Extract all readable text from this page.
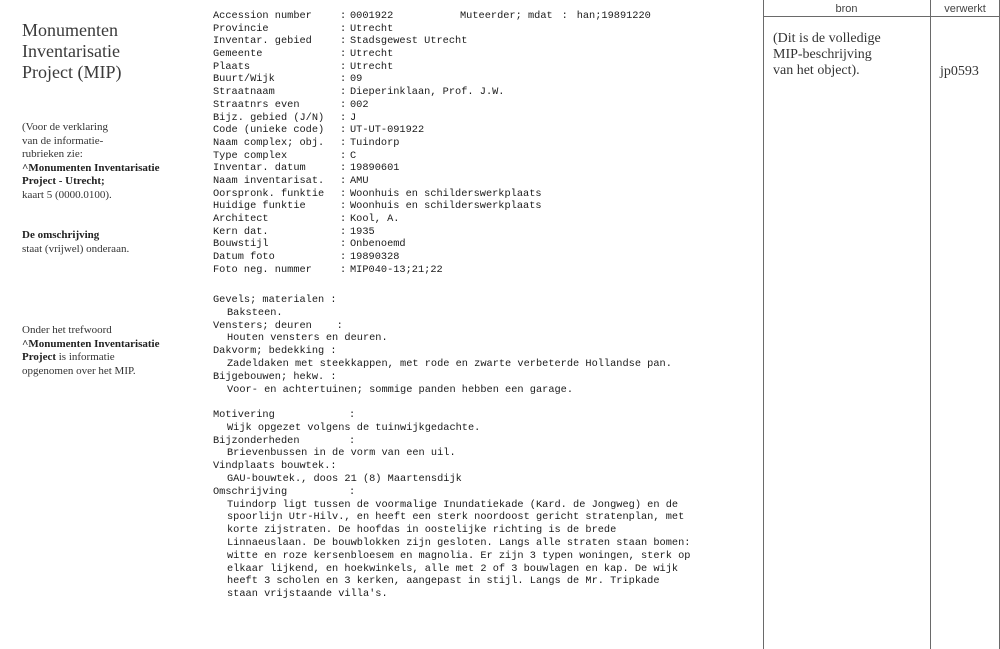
Monumenten
Inventarisatie
Project (MIP)
(Voor de verklaring
van de informatie-
rubrieken zie:
^Monumenten Inventarisatie
Project - Utrecht;
kaart 5 (0000.0100).
De omschrijving
staat (vrijwel) onderaan.
Onder het trefwoord
^Monumenten Inventarisatie
Project is informatie
opgenomen over het MIP.
Accession number	: 0001922
Provincie	: Utrecht
Inventar. gebied	: Stadsgewest Utrecht
Gemeente	: Utrecht
Plaats	: Utrecht
Buurt/Wijk	: 09
Straatnaam	: Dieperinklaan, Prof. J.W.
Straatnrs even	: 002
Bijz. gebied (J/N) : J
Code (unieke code) : UT-UT-091922
Naam complex; obj. : Tuindorp
Type complex	: C
Inventar. datum	: 19890601
Naam inventarisat. : AMU
Oorspronk. funktie : Woonhuis en schilderswerkplaats
Huidige funktie	: Woonhuis en schilderswerkplaats
Architect	: Kool, A.
Kern dat.	: 1935
Bouwstijl	: Onbenoemd
Datum foto	: 19890328
Foto neg. nummer	: MIP040-13;21;22
Muteerder; mdat : han;19891220
Gevels; materialen :
Baksteen.
Vensters; deuren    :
Houten vensters en deuren.
Dakvorm; bedekking :
Zadeldaken met steekkappen, met rode en zwarte verbeterde Hollandse pan.
Bijgebouwen; hekw. :
Voor- en achtertuinen; sommige panden hebben een garage.
Motivering            :
Wijk opgezet volgens de tuinwijkgedachte.
Bijzonderheden        :
Brievenbussen in de vorm van een uil.
Vindplaats bouwtek.:
GAU-bouwtek., doos 21 (8) Maartensdijk
Omschrijving          :
Tuindorp ligt tussen de voormalige Inundatiekade (Kard. de Jongweg) en de
spoorlijn Utr-Hilv., en heeft een sterk noordoost gericht stratenplan, met
korte zijstraten. De hoofdas in oostelijke richting is de brede
Linnaeuslaan. De bouwblokken zijn gesloten. Langs alle straten staan bomen:
witte en roze kersenbloesem en magnolia. Er zijn 3 typen woningen, sterk op
elkaar lijkend, en hoekwinkels, alle met 2 of 3 bouwlagen en kap. De wijk
heeft 3 scholen en 3 kerken, aangepast in stijl. Langs de Mr. Tripkade
staan vrijstaande villa's.
bron	verwerkt
(Dit is de volledige
MIP-beschrijving
van het object).	jp0593
